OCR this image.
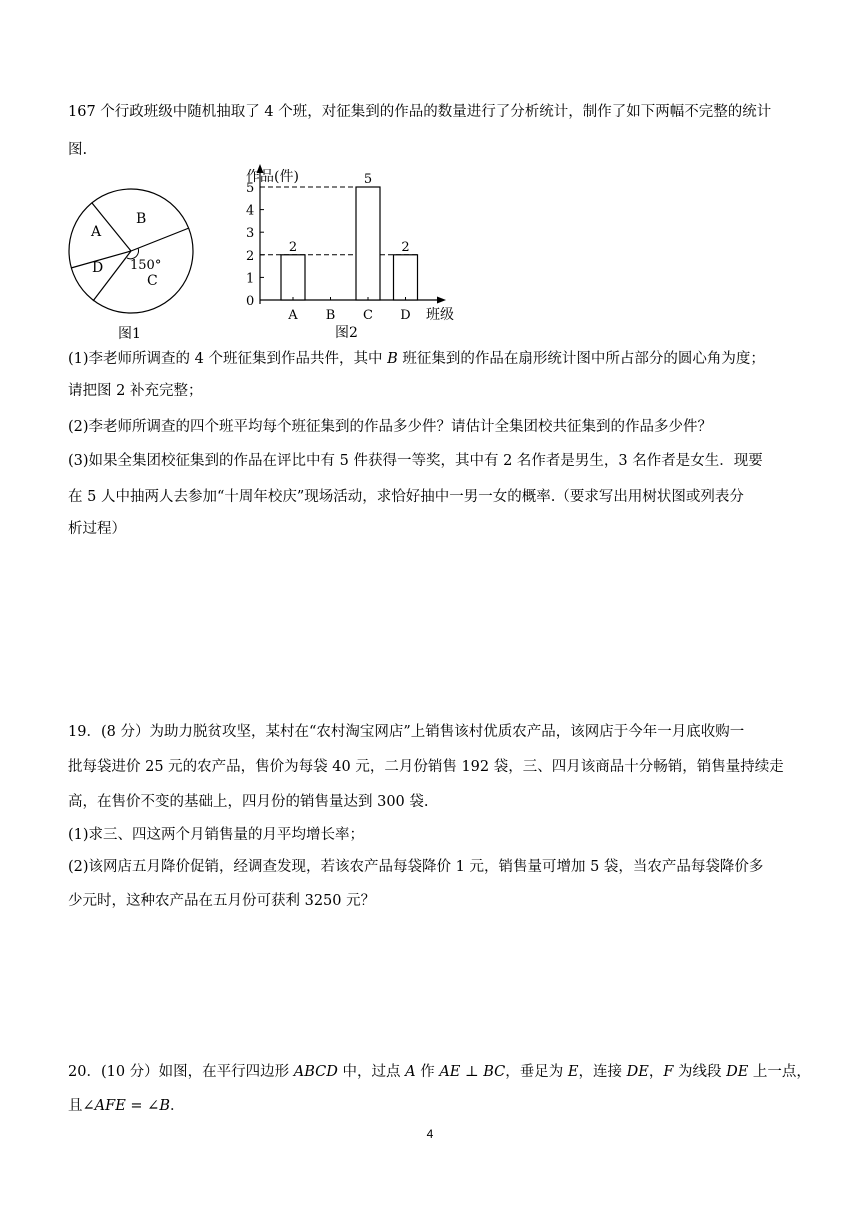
167 个行政班级中随机抽取了 4 个班，对征集到的作品的数量进行了分析统计，制作了如下两幅不完整的统计
图.
A
B
D 150°
C
图1
作品(件)
班级
图2
0
1
2
3
4
5
2
A B
5
C
2
D
(1)李老师所调查的 4 个班征集到作品共件，其中 B 班征集到的作品在扇形统计图中所占部分的圆心角为度；
请把图 2 补充完整；
(2)李老师所调查的四个班平均每个班征集到的作品多少件？请估计全集团校共征集到的作品多少件？
(3)如果全集团校征集到的作品在评比中有 5 件获得一等奖，其中有 2 名作者是男生，3 名作者是女生．现要
在 5 人中抽两人去参加“十周年校庆”现场活动，求恰好抽中一男一女的概率.（要求写出用树状图或列表分
析过程）
19．(8 分）为助力脱贫攻坚，某村在“农村淘宝网店”上销售该村优质农产品，该网店于今年一月底收购一
批每袋进价 25 元的农产品，售价为每袋 40 元，二月份销售 192 袋，三、四月该商品十分畅销，销售量持续走
高，在售价不变的基础上，四月份的销售量达到 300 袋.
(1)求三、四这两个月销售量的月平均增长率；
(2)该网店五月降价促销，经调查发现，若该农产品每袋降价 1 元，销售量可增加 5 袋，当农产品每袋降价多
少元时，这种农产品在五月份可获利 3250 元？
20．(10 分）如图，在平行四边形 ABCD 中，过点 A 作 AE ⊥ BC，垂足为 E，连接 DE，F 为线段 DE 上一点，
且∠AFE = ∠B．
4
